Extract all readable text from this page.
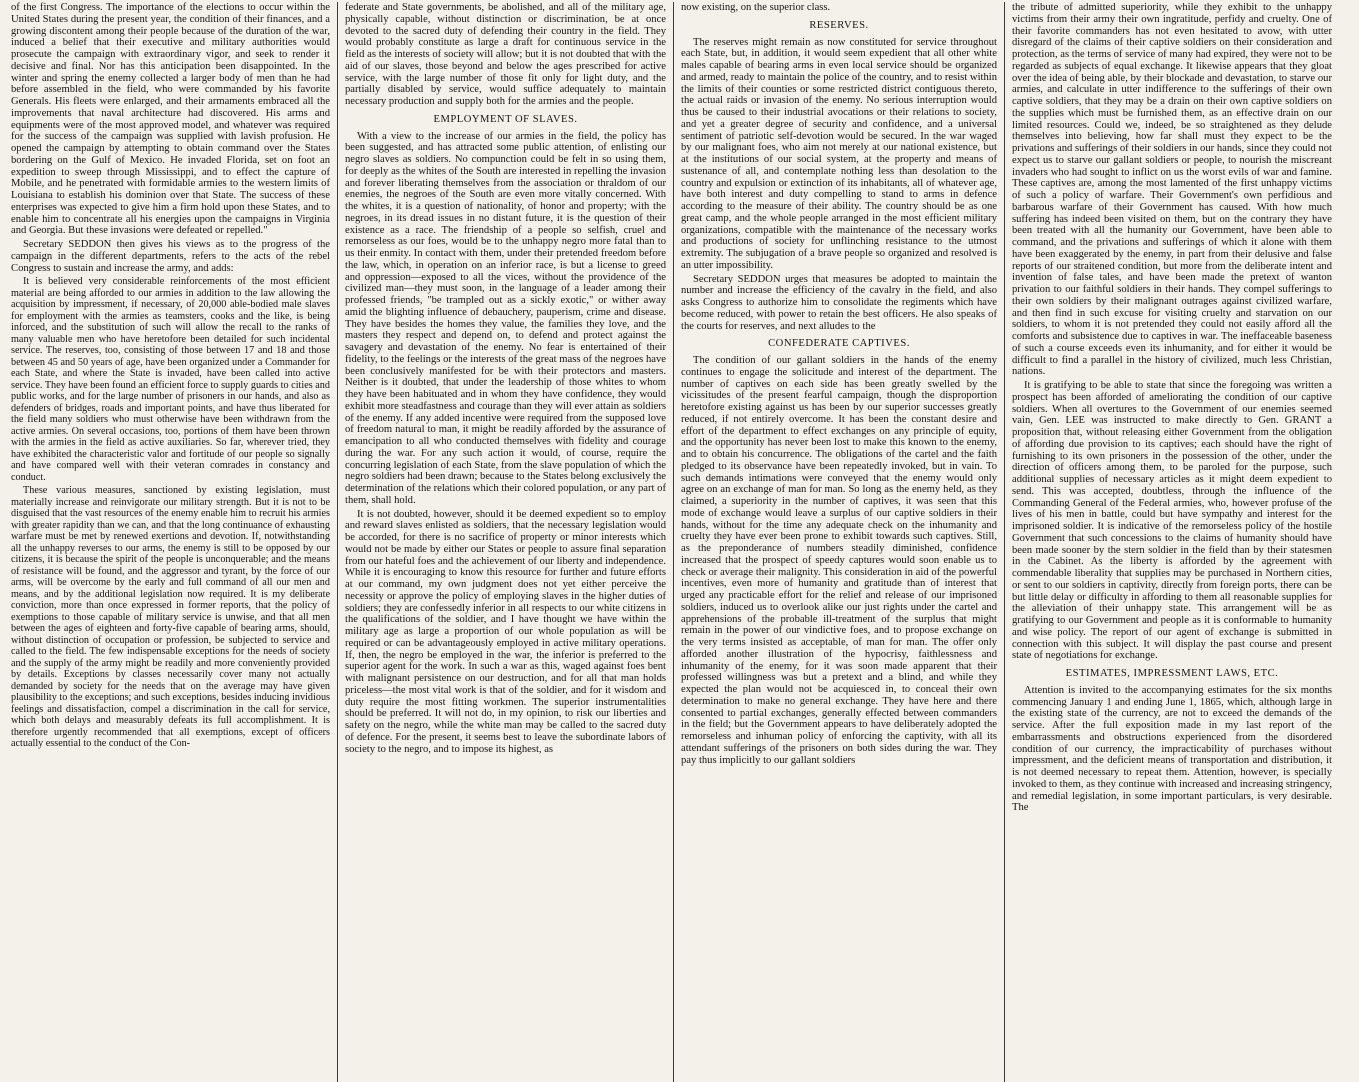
of the first Congress. The importance of the elections to occur within the United States during the present year, the condition of their finances, and a growing discontent among their people because of the duration of the war, induced a belief that their executive and military authorities would prosecute the campaign with extraordinary vigor, and seek to render it decisive and final. Nor has this anticipation been disappointed. In the winter and spring the enemy collected a larger body of men than he had before assembled in the field, who were commanded by his favorite Generals. His fleets were enlarged, and their armaments embraced all the improvements that naval architecture had discovered. His arms and equipments were of the most approved model, and whatever was required for the success of the campaign was supplied with lavish profusion. He opened the campaign by attempting to obtain command over the States bordering on the Gulf of Mexico. He invaded Florida, set on foot an expedition to sweep through Mississippi, and to effect the capture of Mobile, and he penetrated with formidable armies to the western limits of Louisiana to establish his dominion over that State. The success of these enterprises was expected to give him a firm hold upon these States, and to enable him to concentrate all his energies upon the campaigns in Virginia and Georgia. But these invasions were defeated or repelled."

Secretary SEDDON then gives his views as to the progress of the campaign in the different departments, refers to the acts of the rebel Congress to sustain and increase the army, and adds:

It is believed very considerable reinforcements of the most efficient material are being afforded to our armies in addition to the law allowing the acquisition by impressment, if necessary, of 20,000 able-bodied male slaves for employment with the armies as teamsters, cooks and the like, is being inforced, and the substitution of such will allow the recall to the ranks of many valuable men who have heretofore been detailed for such incidental service. The reserves, too, consisting of those between 17 and 18 and those between 45 and 50 years of age, have been organized under a Commander for each State, and where the State is invaded, have been called into active service. They have been found an efficient force to supply guards to cities and public works, and for the large number of prisoners in our hands, and also as defenders of bridges, roads and important points, and have thus liberated for the field many soldiers who must otherwise have been withdrawn from the active armies. On several occasions, too, portions of them have been thrown with the armies in the field as active auxiliaries. So far, wherever tried, they have exhibited the characteristic valor and fortitude of our people so signally and have compared well with their veteran comrades in constancy and conduct.

These various measures, sanctioned by existing legislation, must materially increase and reinvigorate our military strength. But it is not to be disguised that the vast resources of the enemy enable him to recruit his armies with greater rapidity than we can, and that the long continuance of exhausting warfare must be met by renewed exertions and devotion. If, notwithstanding all the unhappy reverses to our arms, the enemy is still to be opposed by our citizens, it is because the spirit of the people is unconquerable; and the means of resistance will be found, and the aggressor and tyrant, by the force of our arms, will be overcome by the early and full command of all our men and means, and by the additional legislation now required. It is my deliberate conviction, more than once expressed in former reports, that the policy of exemptions to those capable of military service is unwise, and that all men between the ages of eighteen and forty-five capable of bearing arms, should, without distinction of occupation or profession, be subjected to service and called to the field. The few indispensable exceptions for the needs of society and the supply of the army might be readily and more conveniently provided by details. Exceptions by classes necessarily cover many not actually demanded by society for the needs that on the average may have given plausibility to the exceptions; and such exceptions, besides inducing invidious feelings and dissatisfaction, compel a discrimination in the call for service, which both delays and measurably defeats its full accomplishment. It is therefore urgently recommended that all exemptions, except of officers actually essential to the conduct of the Con-

federate and State governments, be abolished, and all of the military age, physically capable, without distinction or discrimination, be at once devoted to the sacred duty of defending their country in the field. They would probably constitute as large a draft for continuous service in the field as the interests of society will allow; but it is not doubted that with the aid of our slaves, those beyond and below the ages prescribed for active service, with the large number of those fit only for light duty, and the partially disabled by service, would suffice adequately to maintain necessary production and supply both for the armies and the people.

EMPLOYMENT OF SLAVES.

With a view to the increase of our armies in the field, the policy has been suggested, and has attracted some public attention, of enlisting our negro slaves as soldiers. No compunction could be felt in so using them, for deeply as the whites of the South are interested in repelling the invasion and forever liberating themselves from the association or thraldom of our enemies, the negroes of the South are even more vitally concerned. With the whites, it is a question of nationality, of honor and property; with the negroes, in its dread issues in no distant future, it is the question of their existence as a race. The friendship of a people so selfish, cruel and remorseless as our foes, would be to the unhappy negro more fatal than to us their enmity. In contact with them, under their pretended freedom before the law, which, in operation on an inferior race, is but a license to greed and oppression—exposed to all the vices, without the providence of the civilized man—they must soon, in the language of a leader among their professed friends, "be trampled out as a sickly exotic," or wither away amid the blighting influence of debauchery, pauperism, crime and disease. They have besides the homes they value, the families they love, and the masters they respect and depend on, to defend and protect against the savagery and devastation of the enemy. No fear is entertained of their fidelity, to the feelings or the interests of the great mass of the negroes have been conclusively manifested for be with their protectors and masters. Neither is it doubted, that under the leadership of those whites to whom they have been habituated and in whom they have confidence, they would exhibit more steadfastness and courage than they will ever attain as soldiers of the enemy. If any added incentive were required from the supposed love of freedom natural to man, it might be readily afforded by the assurance of emancipation to all who conducted themselves with fidelity and courage during the war. For any such action it would, of course, require the concurring legislation of each State, from the slave population of which the negro soldiers had been drawn; because to the States belong exclusively the determination of the relations which their colored population, or any part of them, shall hold.

It is not doubted, however, should it be deemed expedient so to employ and reward slaves enlisted as soldiers, that the necessary legislation would be accorded, for there is no sacrifice of property or minor interests which would not be made by either our States or people to assure final separation from our hateful foes and the achievement of our liberty and independence. While it is encouraging to know this resource for further and future efforts at our command, my own judgment does not yet either perceive the necessity or approve the policy of employing slaves in the higher duties of soldiers; they are confessedly inferior in all respects to our white citizens in the qualifications of the soldier, and I have thought we have within the military age as large a proportion of our whole population as will be required or can be advantageously employed in active military operations. If, then, the negro be employed in the war, the inferior is preferred to the superior agent for the work. In such a war as this, waged against foes bent with malignant persistence on our destruction, and for all that man holds priceless—the most vital work is that of the soldier, and for it wisdom and duty require the most fitting workmen. The superior instrumentalities should be preferred. It will not do, in my opinion, to risk our liberties and safety on the negro, while the white man may be called to the sacred duty of defence. For the present, it seems best to leave the subordinate labors of society to the negro, and to impose its highest, as

now existing, on the superior class.

RESERVES.

The reserves might remain as now constituted for service throughout each State, but, in addition, it would seem expedient that all other white males capable of bearing arms in even local service should be organized and armed, ready to maintain the police of the country, and to resist within the limits of their counties or some restricted district contiguous thereto, the actual raids or invasion of the enemy. No serious interruption would thus be caused to their industrial avocations or their relations to society, and yet a greater degree of security and confidence, and a universal sentiment of patriotic self-devotion would be secured. In the war waged by our malignant foes, who aim not merely at our national existence, but at the institutions of our social system, at the property and means of sustenance of all, and contemplate nothing less than desolation to the country and expulsion or extinction of its inhabitants, all of whatever age, have both interest and duty compelling to stand to arms in defence according to the measure of their ability. The country should be as one great camp, and the whole people arranged in the most efficient military organizations, compatible with the maintenance of the necessary works and productions of society for unflinching resistance to the utmost extremity. The subjugation of a brave people so organized and resolved is an utter impossibility.

Secretary SEDDON urges that measures be adopted to maintain the number and increase the efficiency of the cavalry in the field, and also asks Congress to authorize him to consolidate the regiments which have become reduced, with power to retain the best officers. He also speaks of the courts for reserves, and next alludes to the

CONFEDERATE CAPTIVES.

The condition of our gallant soldiers in the hands of the enemy continues to engage the solicitude and interest of the department. The number of captives on each side has been greatly swelled by the vicissitudes of the present fearful campaign, though the disproportion heretofore existing against us has been by our superior successes greatly reduced, if not entirely overcome. It has been the constant desire and effort of the department to effect exchanges on any principle of equity, and the opportunity has never been lost to make this known to the enemy, and to obtain his concurrence. The obligations of the cartel and the faith pledged to its observance have been repeatedly invoked, but in vain. To such demands intimations were conveyed that the enemy would only agree on an exchange of man for man. So long as the enemy held, as they claimed, a superiority in the number of captives, it was seen that this mode of exchange would leave a surplus of our captive soldiers in their hands, without for the time any adequate check on the inhumanity and cruelty they have ever been prone to exhibit towards such captives. Still, as the preponderance of numbers steadily diminished, confidence increased that the prospect of speedy captures would soon enable us to check or average their malignity. This consideration in aid of the powerful incentives, even more of humanity and gratitude than of interest that urged any practicable effort for the relief and release of our imprisoned soldiers, induced us to overlook alike our just rights under the cartel and apprehensions of the probable ill-treatment of the surplus that might remain in the power of our vindictive foes, and to propose exchange on the very terms insisted as acceptable, of man for man. The offer only afforded another illustration of the hypocrisy, faithlessness and inhumanity of the enemy, for it was soon made apparent that their professed willingness was but a pretext and a blind, and while they expected the plan would not be acquiesced in, to conceal their own determination to make no general exchange. They have here and there consented to partial exchanges, generally effected between commanders in the field; but the Government appears to have deliberately adopted the remorseless and inhuman policy of enforcing the captivity, with all its attendant sufferings of the prisoners on both sides during the war. They pay thus implicitly to our gallant soldiers

the tribute of admitted superiority, while they exhibit to the unhappy victims from their army their own ingratitude, perfidy and cruelty. One of their favorite commanders has not even hesitated to avow, with utter disregard of the claims of their captive soldiers on their consideration and protection, as the terms of service of many had expired, they were not to be regarded as subjects of equal exchange. It likewise appears that they gloat over the idea of being able, by their blockade and devastation, to starve our armies, and calculate in utter indifference to the sufferings of their own captive soldiers, that they may be a drain on their own captive soldiers on the supplies which must be furnished them, as an effective drain on our limited resources. Could we, indeed, be so straightened as they delude themselves into believing, how far shall must they expect to be the privations and sufferings of their soldiers in our hands, since they could not expect us to starve our gallant soldiers or people, to nourish the miscreant invaders who had sought to inflict on us the worst evils of war and famine. These captives are, among the most lamented of the first unhappy victims of such a policy of warfare. Their Government's own perfidious and barbarous warfare of their Government has caused. With how much suffering has indeed been visited on them, but on the contrary they have been treated with all the humanity our Government, have been able to command, and the privations and sufferings of which it alone with them have been exaggerated by the enemy, in part from their delusive and false reports of our straitened condition, but more from the deliberate intent and invention of false tales, and have been made the pretext of wanton privation to our faithful soldiers in their hands. They compel sufferings to their own soldiers by their malignant outrages against civilized warfare, and then find in such excuse for visiting cruelty and starvation on our soldiers, to whom it is not pretended they could not easily afford all the comforts and subsistence due to captives in war. The ineffaceable baseness of such a course exceeds even its inhumanity, and for either it would be difficult to find a parallel in the history of civilized, much less Christian, nations.

It is gratifying to be able to state that since the foregoing was written a prospect has been afforded of ameliorating the condition of our captive soldiers. When all overtures to the Government of our enemies seemed vain, Gen. LEE was instructed to make directly to Gen. GRANT a proposition that, without releasing either Government from the obligation of affording due provision to its captives; each should have the right of furnishing to its own prisoners in the possession of the other, under the direction of officers among them, to be paroled for the purpose, such additional supplies of necessary articles as it might deem expedient to send. This was accepted, doubtless, through the influence of the Commanding General of the Federal armies, who, however profuse of the lives of his men in battle, could but have sympathy and interest for the imprisoned soldier. It is indicative of the remorseless policy of the hostile Government that such concessions to the claims of humanity should have been made sooner by the stern soldier in the field than by their statesmen in the Cabinet. As the liberty is afforded by the agreement with commendable liberality that supplies may be purchased in Northern cities, or sent to our soldiers in captivity, directly from foreign ports, there can be but little delay or difficulty in affording to them all reasonable supplies for the alleviation of their unhappy state. This arrangement will be as gratifying to our Government and people as it is conformable to humanity and wise policy. The report of our agent of exchange is submitted in connection with this subject. It will display the past course and present state of negotiations for exchange.

ESTIMATES, IMPRESSMENT LAWS, ETC.

Attention is invited to the accompanying estimates for the six months commencing January 1 and ending June 1, 1865, which, although large in the existing state of the currency, are not to exceed the demands of the service. After the full exposition made in my last report of the embarrassments and obstructions experienced from the disordered condition of our currency, the impracticability of purchases without impressment, and the deficient means of transportation and distribution, it is not deemed necessary to repeat them. Attention, however, is specially invoked to them, as they continue with increased and increasing stringency, and remedial legislation, in some important particulars, is very desirable. The
